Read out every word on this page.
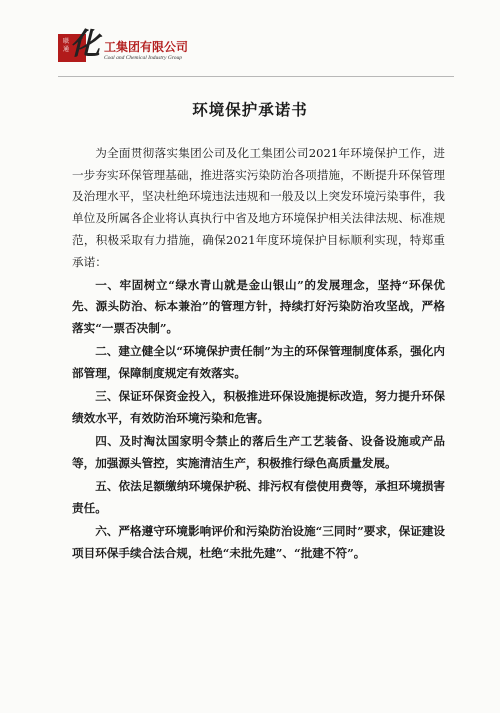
联通 化 工集团有限公司
Coal and Chemical Industry Group
环境保护承诺书

为全面贯彻落实集团公司及化工集团公司2021年环境保护工作，进一步夯实环保管理基础，推进落实污染防治各项措施，不断提升环保管理及治理水平，坚决杜绝环境违法违规和一般及以上突发环境污染事件，我单位及所属各企业将认真执行中省及地方环境保护相关法律法规、标准规范，积极采取有力措施，确保2021年度环境保护目标顺利实现，特郑重承诺：

一、牢固树立“绿水青山就是金山银山”的发展理念，坚持“环保优先、源头防治、标本兼治”的管理方针，持续打好污染防治攻坚战，严格落实“一票否决制”。

二、建立健全以“环境保护责任制”为主的环保管理制度体系，强化内部管理，保障制度规定有效落实。

三、保证环保资金投入，积极推进环保设施提标改造，努力提升环保绩效水平，有效防治环境污染和危害。

四、及时淘汰国家明令禁止的落后生产工艺装备、设备设施或产品等，加强源头管控，实施清洁生产，积极推行绿色高质量发展。

五、依法足额缴纳环境保护税、排污权有偿使用费等，承担环境损害责任。

六、严格遵守环境影响评价和污染防治设施“三同时”要求，保证建设项目环保手续合法合规，杜绝“未批先建”、“批建不符”。
